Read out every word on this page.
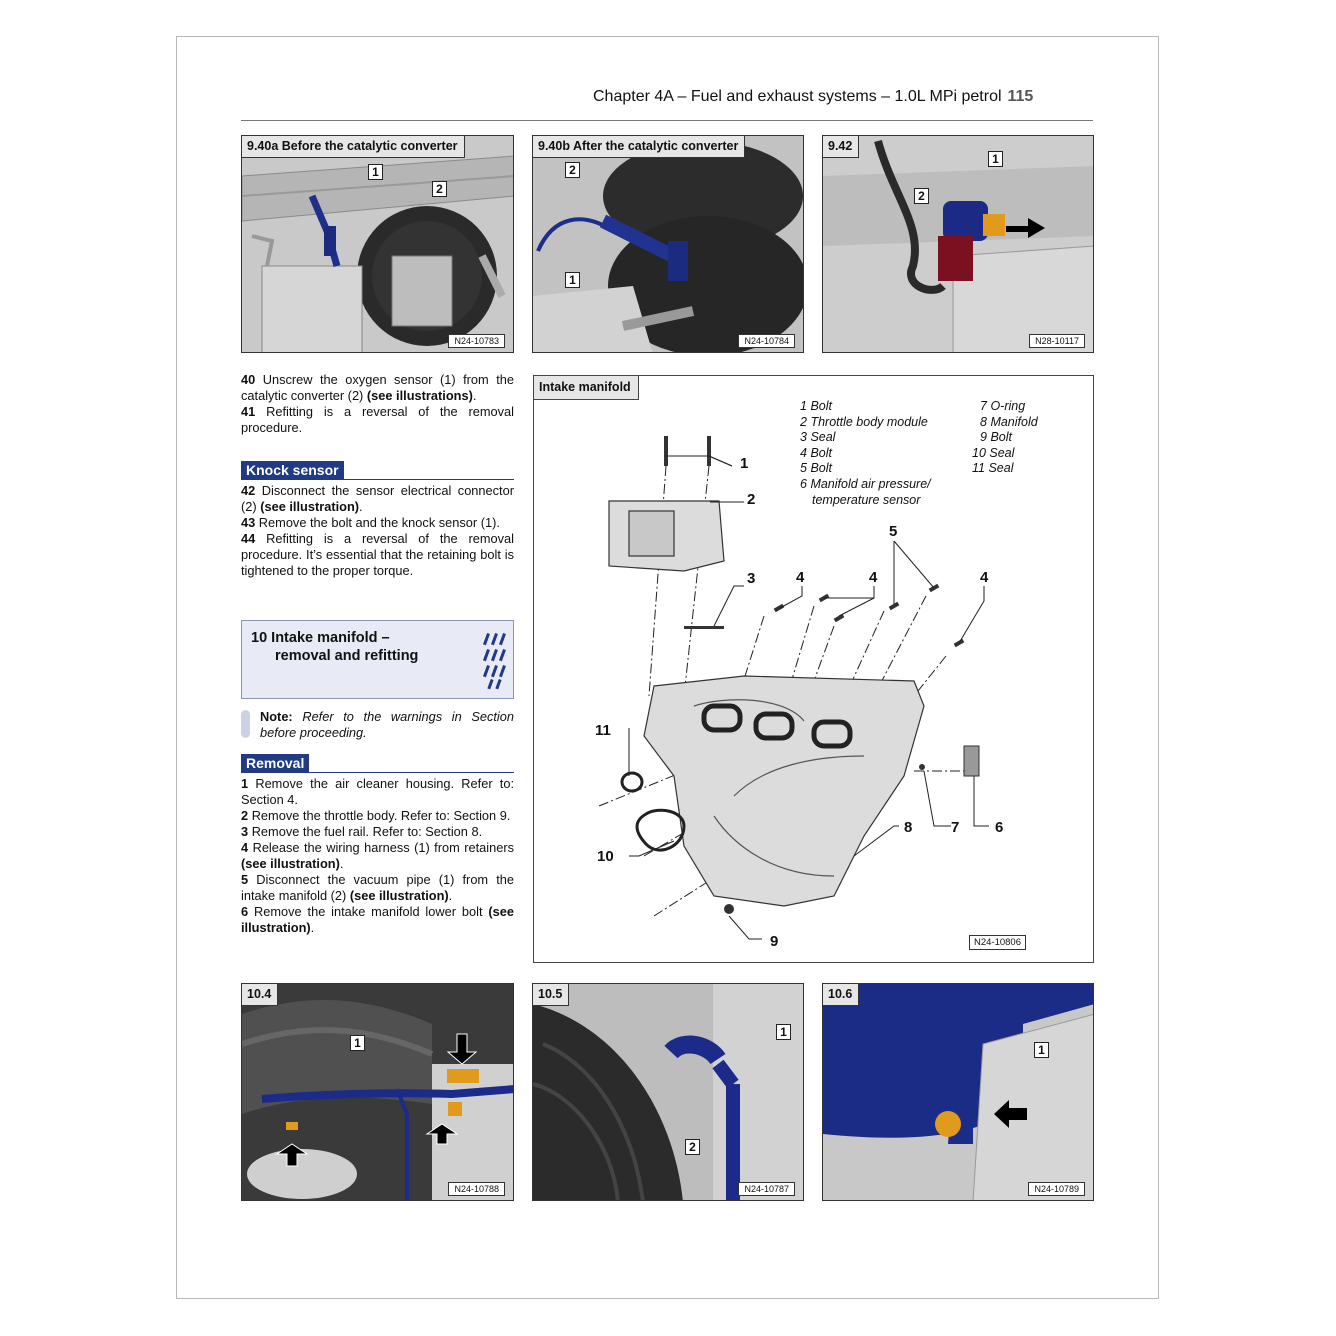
Chapter 4A – Fuel and exhaust systems – 1.0L MPi petrol 115
9.40a Before the catalytic converter
1
2
N24-10783
9.40b After the catalytic converter
2
1
N24-10784
9.42
1
2
N28-10117

40 Unscrew the oxygen sensor (1) from the catalytic converter (2) (see illustrations).

41 Refitting is a reversal of the removal procedure.

Knock sensor

42 Disconnect the sensor electrical connector (2) (see illustration).

43 Remove the bolt and the knock sensor (1).

44 Refitting is a reversal of the removal procedure. It’s essential that the retaining bolt is tightened to the proper torque.

10 Intake manifold –
removal and refitting

Note: Refer to the warnings in Section before proceeding.

Removal

1 Remove the air cleaner housing. Refer to: Section 4.

2 Remove the throttle body. Refer to: Section 9.

3 Remove the fuel rail. Refer to: Section 8.

4 Release the wiring harness (1) from retainers (see illustration).

5 Disconnect the vacuum pipe (1) from the intake manifold (2) (see illustration).

6 Remove the intake manifold lower bolt (see illustration).

Intake manifold
1 Bolt
2 Throttle body module
3 Seal
4 Bolt
5 Bolt
6 Manifold air pressure/
temperature sensor
7 O-ring
8 Manifold
9 Bolt
10 Seal
11 Seal
1
2
3	4	4	4
5
6
7
8
9
10
11
N24-10806
10.4
1
N24-10788
10.5
1
2
N24-10787
10.6
1
N24-10789
